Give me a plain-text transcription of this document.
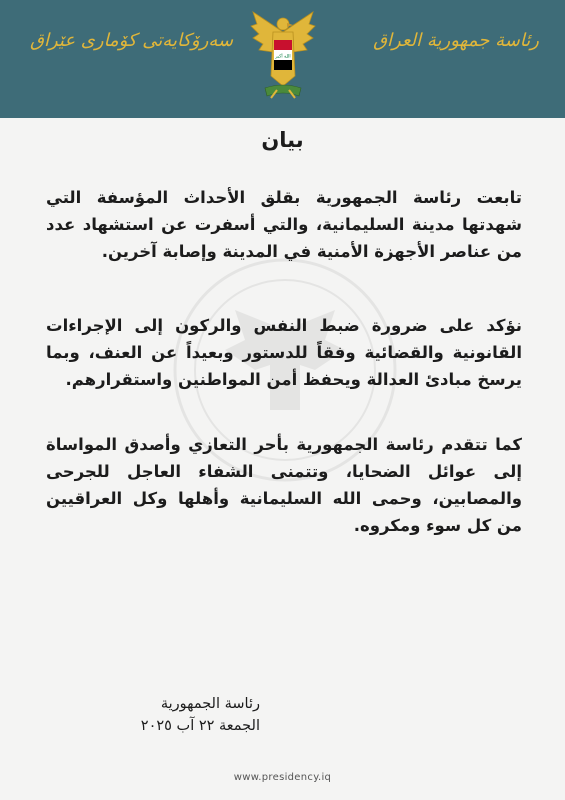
سەرۆکایەتی کۆماری عێراق
الله أكبر
رئاسة جمهورية العراق
بيان

تابعت رئاسة الجمهورية بقلق الأحداث المؤسفة التي شهدتها مدينة السليمانية، والتي أسفرت عن استشهاد عدد من عناصر الأجهزة الأمنية في المدينة وإصابة آخرين.

نؤكد على ضرورة ضبط النفس والركون إلى الإجراءات القانونية والقضائية وفقاً للدستور وبعيداً عن العنف، وبما يرسخ مبادئ العدالة ويحفظ أمن المواطنين واستقرارهم.

كما تتقدم رئاسة الجمهورية بأحر التعازي وأصدق المواساة إلى عوائل الضحايا، وتتمنى الشفاء العاجل للجرحى والمصابين، وحمى الله السليمانية وأهلها وكل العراقيين من كل سوء ومكروه.

رئاسة الجمهورية
الجمعة ٢٢ آب ٢٠٢٥
www.presidency.iq
